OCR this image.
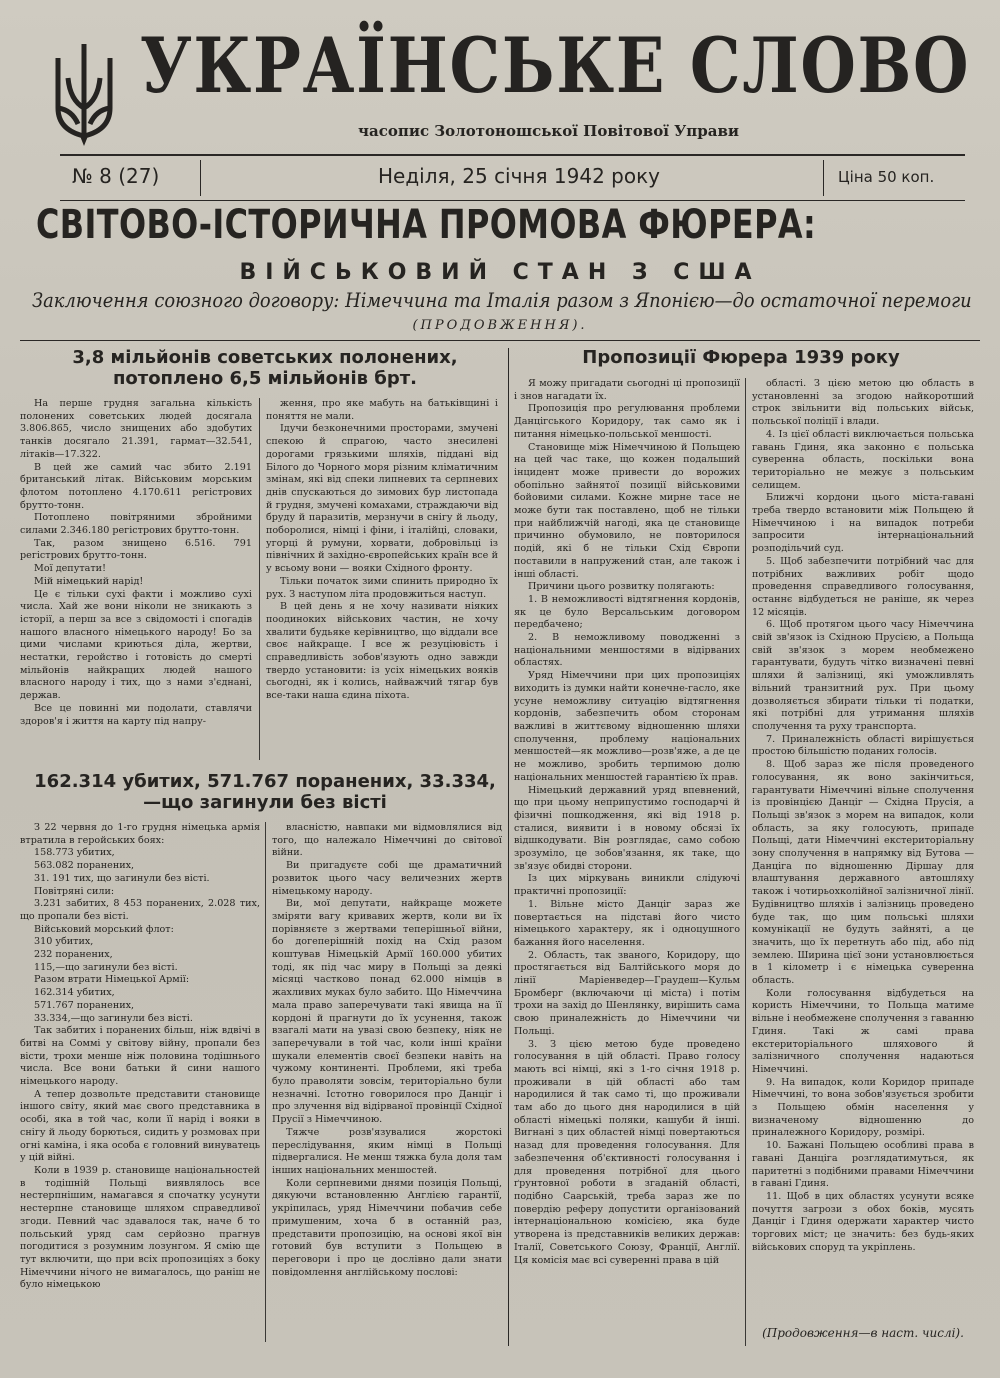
УКРАЇНСЬКЕ СЛОВО
часопис Золотоношської Повітової Управи
№ 8 (27)	Неділя, 25 січня 1942 року	Ціна 50 коп.
СВІТОВО-ІСТОРИЧНА ПРОМОВА ФЮРЕРА:
ВІЙСЬКОВИЙ СТАН З США
Заключення союзного договору: Німеччина та Італія разом з Японією—до остаточної перемоги
(ПРОДОВЖЕННЯ).
3,8 мільйонів советських полонених, потоплено 6,5 мільйонів брт.

На перше грудня загальна кількість полонених советських людей досягала 3.806.865, число знищених або здобутих танків досягало 21.391, гармат—32.541, літаків—17.322.

В цей же самий час збито 2.191 британський літак. Військовим морським флотом потоплено 4.170.611 регістрових брутто-тонн.

Потоплено повітряними збройними силами 2.346.180 регістрових брутто-тонн.

Так, разом знищено 6.516. 791 регістрових брутто-тонн.

Мої депутати!

Мій німецький нарід!

Це є тільки сухі факти і можливо сухі числа. Хай же вони ніколи не зникають з історії, а перш за все з свідомості і спогадів нашого власного німецького народу! Бо за цими числами криються діла, жертви, нестатки, геройство і готовість до смерті мільйонів найкращих людей нашого власного народу і тих, що з нами з'єднані, держав.

Все це повинні ми подолати, ставлячи здоров'я і життя на карту під напру-

ження, про яке мабуть на батьківщині і поняття не мали.

Ідучи безконечними просторами, змучені спекою й спрагою, часто знесилені дорогами грязькими шляхів, піддані від Білого до Чорного моря різним кліматичним змінам, які від спеки липневих та серпневих днів спускаються до зимових бур листопада й грудня, змучені комахами, страждаючи від бруду й паразитів, мерзнучи в снігу й льоду, поборолися, німці і фіни, і італійці, словаки, угорці й румуни, хорвати, добровільці із північних й західно-європейських країн все й у всьому вони — вояки Східного фронту.

Тільки початок зими спинить природно їх рух. З наступом літа продовжиться наступ.

В цей день я не хочу називати ніяких поодиноких військових частин, не хочу хвалити будьяке керівництво, що віддали все своє найкраще. І все ж резуціювість і справедливість зобов'язують одно завжди твердо установити: із усіх німецьких вояків сьогодні, як і колись, найважчий тягар був все-таки наша єдина піхота.

162.314 убитих, 571.767 поранених, 33.334,—що загинули без вісті

З 22 червня до 1-го грудня німецька армія втратила в геройських боях:

158.773 убитих,

563.082 поранених,

31. 191 тих, що загинули без вісті.

Повітряні сили:

3.231 забитих, 8 453 поранених, 2.028 тих, що пропали без вісті.

Військовий морський флот:

310 убитих,

232 поранених,

115,—що загинули без вісті.

Разом втрати Німецької Армії:

162.314 убитих,

571.767 поранених,

33.334,—що загинули без вісті.

Так забитих і поранених більш, ніж вдвічі в битві на Соммі у світову війну, пропали без вісти, трохи менше ніж половина тодішнього числа. Все вони батьки й сини нашого німецького народу.

А тепер дозвольте представити становище іншого світу, який має свого представника в особі, яка в той час, коли її нарід і вояки в снігу й льоду борються, сидить у розмовах при огні каміна, і яка особа є головний винуватець у цій війні.

Коли в 1939 р. становище національностей в тодішній Польщі виявлялось все нестерпнішим, намагався я спочатку усунути нестерпне становище шляхом справедливої згоди. Певний час здавалося так, наче б то польський уряд сам серйозно прагнув погодитися з розумним лозунгом. Я смію ще тут включити, що при всіх пропозиціях з боку Німеччини нічого не вимагалось, що раніш не було німецькою

власністю, навпаки ми відмовлялися від того, що належало Німеччині до світової війни.

Ви пригадуєте собі ще драматичний розвиток цього часу величезних жертв німецькому народу.

Ви, мої депутати, найкраще можете зміряти вагу кривавих жертв, коли ви їх порівняєте з жертвами теперішньої війни, бо догеперішній похід на Схід разом коштував Німецькій Армії 160.000 убитих тоді, як під час миру в Польщі за деякі місяці частково понад 62.000 німців в жахливих муках було забито. Що Німеччина мала право заперечувати такі явища на її кордоні й прагнути до їх усунення, також взагалі мати на увазі свою безпеку, ніяк не заперечували в той час, коли інші країни шукали елементів своєї безпеки навіть на чужому континенті. Проблеми, які треба було праволяти зовсім, територіально були незначні. Істотно говорилося про Данціг і про злучення від відірваної провінції Східної Прусії з Німеччиною.

Тяжче розв'язувалися жорстокі переслідування, яким німці в Польщі підвергалися. Не менш тяжка була доля там інших національних меншостей.

Коли серпневими днями позиція Польщі, дякуючи встановленню Англією гарантії, укріпилась, уряд Німеччини побачив себе примушеним, хоча б в останній раз, представити пропозицію, на основі якої він готовий був вступити з Польщею в переговори і про це дослівно дали знати повідомлення англійському послові:

Пропозиції Фюрера 1939 року

Я можу пригадати сьогодні ці пропозиції і знов нагадати їх.

Пропозиція про регулювання проблеми Данцігського Коридору, так само як і питання німецько-польської меншості.

Становище між Німеччиною й Польщею на цей час таке, що кожен подальший інцидент може привести до ворожих обопільно зайнятої позиції військовими бойовими силами. Кожне мирне тасе не може бути так поставлено, щоб не тільки при найближчій нагоді, яка це становище причинно обумовило, не повторилося подій, які б не тільки Схід Європи поставили в напружений стан, але також і інші області.

Причини цього розвитку полягають:

1. В неможливості відтягнення кордонів, як це було Версальським договором передбачено;

2. В неможливому поводженні з національними меншостями в відірваних областях.

Уряд Німеччини при цих пропозиціях виходить із думки найти конечне-гасло, яке усуне неможливу ситуацію відтягнення кордонів, забезпечить обом сторонам важливі в життєвому відношенню шляхи сполучення, проблему національних меншостей—як можливо—розв'яже, а де це не можливо, зробить терпимою долю національних меншостей гарантією їх прав.

Німецький державний уряд впевнений, що при цьому неприпустимо господарчі й фізичні пошкодження, які від 1918 р. сталися, виявити і в новому обсязі їх відшкодувати. Він розглядає, само собою зрозуміло, це зобов'язання, як таке, що зв'язує обидві сторони.

Із цих міркувань виникли слідуючі практичні пропозиції:

1. Вільне місто Данціг зараз же повертається на підставі його чисто німецького характеру, як і одноцушного бажання його населення.

2. Область, так званого, Коридору, що простягається від Балтійського моря до лінії Маріенведер—Граудеш—Кульм Бромберг (включаючи ці міста) і потім трохи на захід до Шенлянку, вирішить сама свою приналежність до Німеччини чи Польщі.

3. З цією метою буде проведено голосування в цій області. Право голосу мають всі німці, які з 1-го січня 1918 р. проживали в цій області або там народилися й так само ті, що проживали там або до цього дня народилися в цій області німецькі поляки, кашуби й інші. Вигнані з цих областей німці повертаються назад для проведення голосування. Для забезпечення об'єктивності голосування і для проведення потрібної для цього ґрунтовної роботи в згаданій області, подібно Саарській, треба зараз же по повердію реферу допустити організований інтернаціональною комісією, яка буде утворена із представників великих держав: Італії, Советського Союзу, Франції, Англії. Ця комісія має всі суверенні права в цій

області. З цією метою цю область в установленні за згодою найкоротший строк звільнити від польських військ, польської поліції і влади.

4. Із цієї області виключається польська гавань Гдиня, яка законно є польська суверенна область, поскільки вона територіально не межує з польським селищем.

Ближчі кордони цього міста-гавані треба твердо встановити між Польщею й Німеччиною і на випадок потреби запросити інтернаціональний розподільчий суд.

5. Щоб забезпечити потрібний час для потрібних важливих робіт щодо проведення справедливого голосування, останнє відбудеться не раніше, як через 12 місяців.

6. Щоб протягом цього часу Німеччина свій зв'язок із Східною Прусією, а Польща свій зв'язок з морем необмежено гарантувати, будуть чітко визначені певні шляхи й залізниці, які уможливлять вільний транзитний рух. При цьому дозволяється збирати тільки ті податки, які потрібні для утримання шляхів сполучення та руху транспорта.

7. Приналежність області вирішується простою більшістю поданих голосів.

8. Щоб зараз же після проведеного голосування, як воно закінчиться, гарантувати Німеччині вільне сполучення із провінцією Данціг — Східна Прусія, а Польщі зв'язок з морем на випадок, коли область, за яку голосують, припаде Польщі, дати Німеччині екстериторіальну зону сполучення в напрямку від Бутова —Данціга по відношенню Діршау для влаштування державного автошляху також і чотирьохколійної залізничної лінії. Будівництво шляхів і залізниць проведено буде так, що цим польські шляхи комунікації не будуть зайняті, а це значить, що їх перетнуть або під, або під землею. Ширина цієї зони установлюється в 1 кілометр і є німецька суверенна область.

Коли голосування відбудеться на користь Німеччини, то Польща матиме вільне і необмежене сполучення з гаванню Гдиня. Такі ж самі права екстериторіального шляхового й залізничного сполучення надаються Німеччині.

9. На випадок, коли Коридор припаде Німеччині, то вона зобов'язується зробити з Польщею обмін населення у визначеному відношенню до приналежного Коридору, розмірі.

10. Бажані Польщею особливі права в гавані Данціга розглядатимуться, як паритетні з подібними правами Німеччини в гавані Гдиня.

11. Щоб в цих областях усунути всяке почуття загрози з обох боків, мусять Данціг і Гдиня одержати характер чисто торгових міст; це значить: без будь-яких військових споруд та укріплень.

(Продовження—в наст. числі).
